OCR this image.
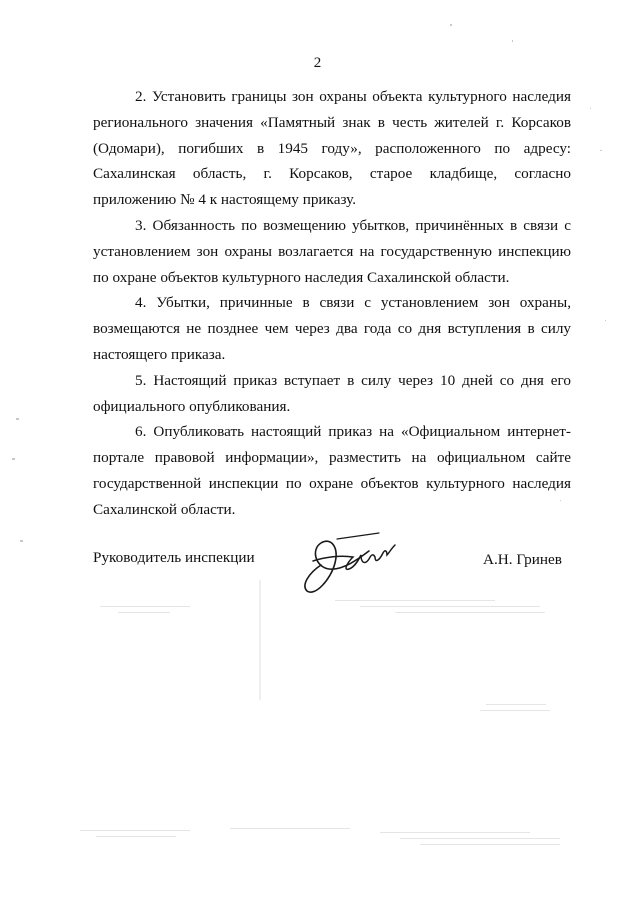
2

2. Установить границы зон охраны объекта культурного наследия регионального значения «Памятный знак в честь жителей г. Корсаков (Одомари), погибших в 1945 году», расположенного по адресу: Сахалинская область, г. Корсаков, старое кладбище, согласно приложению № 4 к настоящему приказу.

3. Обязанность по возмещению убытков, причинённых в связи с установлением зон охраны возлагается на государственную инспекцию по охране объектов культурного наследия Сахалинской области.

4. Убытки, причинные в связи с установлением зон охраны, возмещаются не позднее чем через два года со дня вступления в силу настоящего приказа.

5. Настоящий приказ вступает в силу через 10 дней со дня его официального опубликования.

6. Опубликовать настоящий приказ на «Официальном интернет-портале правовой информации», разместить на официальном сайте государственной инспекции по охране объектов культурного наследия Сахалинской области.

Руководитель инспекции	А.Н. Гринев
